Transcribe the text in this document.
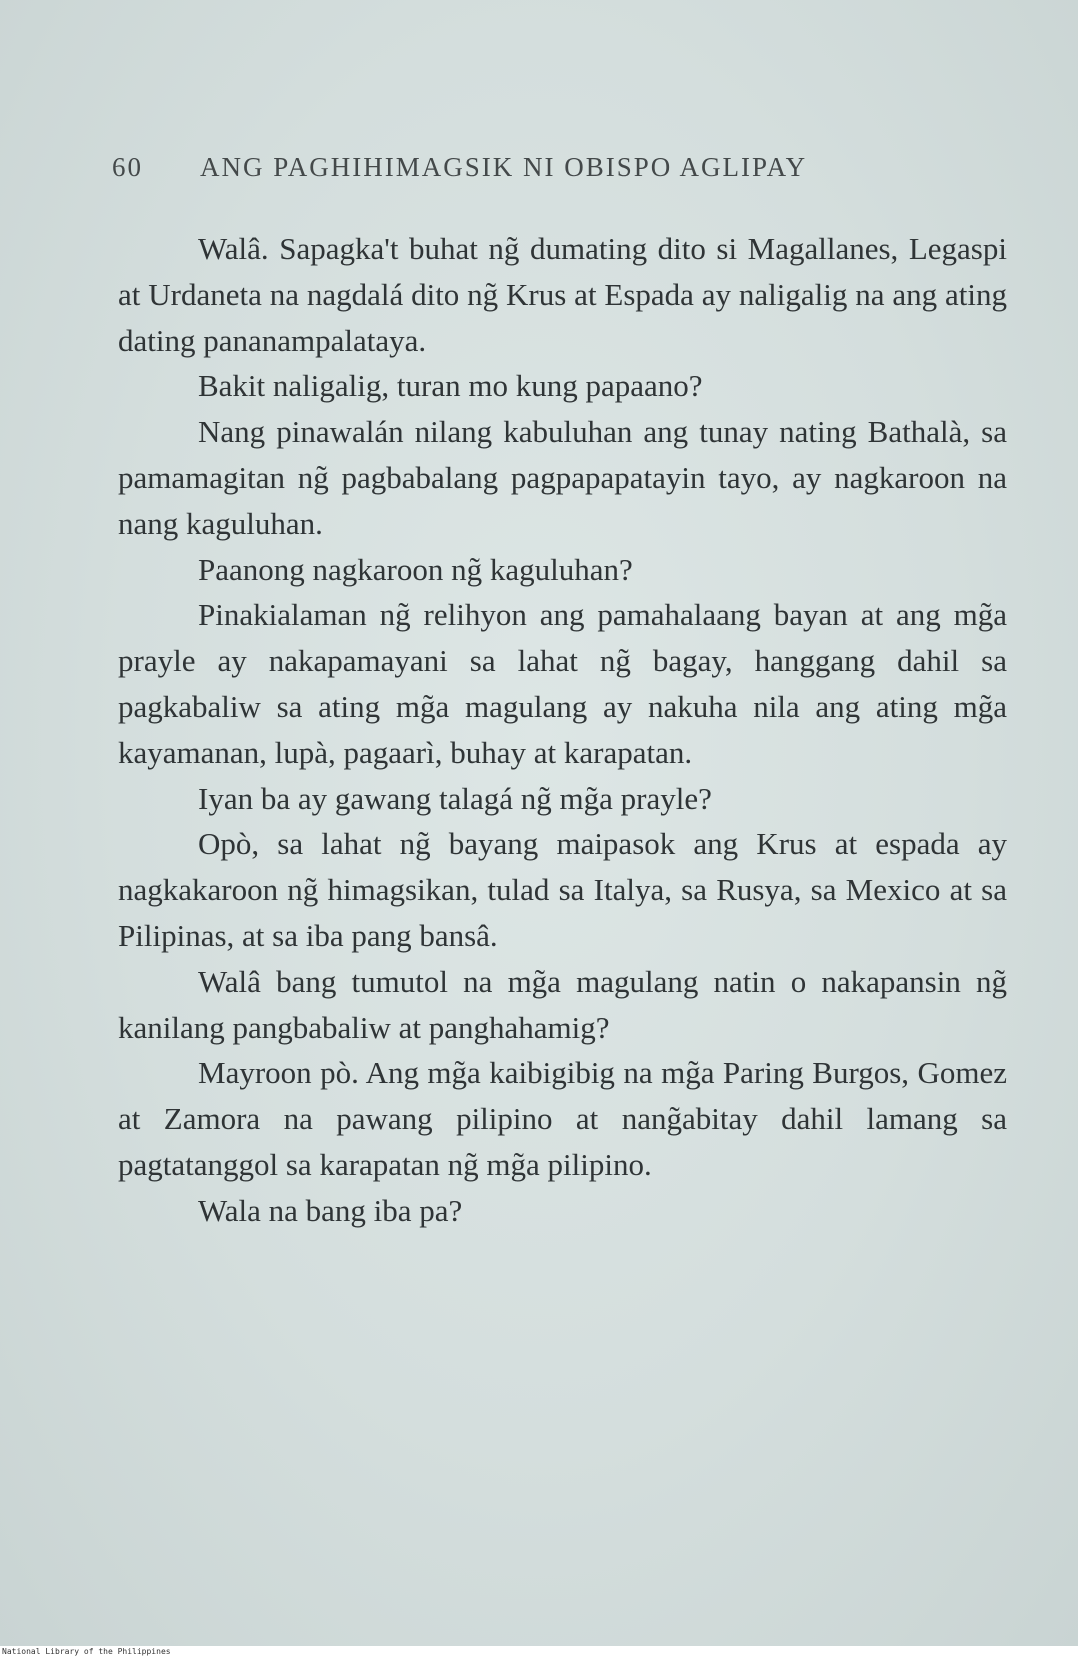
60 ANG PAGHIHIMAGSIK NI OBISPO AGLIPAY

Walâ. Sapagka't buhat ng̃ dumating dito si Magallanes, Legaspi at Urdaneta na nagdalá dito ng̃ Krus at Espada ay naligalig na ang ating dating pananampalataya.

Bakit naligalig, turan mo kung papaano?

Nang pinawalán nilang kabuluhan ang tunay nating Bathalà, sa pamamagitan ng̃ pagbabalang pagpapapatayin tayo, ay nagkaroon na nang kaguluhan.

Paanong nagkaroon ng̃ kaguluhan?

Pinakialaman ng̃ relihyon ang pamahalaang bayan at ang mg̃a prayle ay nakapamayani sa lahat ng̃ bagay, hanggang dahil sa pagkabaliw sa ating mg̃a magulang ay nakuha nila ang ating mg̃a kayamanan, lupà, pagaarì, buhay at karapatan.

Iyan ba ay gawang talagá ng̃ mg̃a prayle?

Opò, sa lahat ng̃ bayang maipasok ang Krus at espada ay nagkakaroon ng̃ himagsikan, tulad sa Italya, sa Rusya, sa Mexico at sa Pilipinas, at sa iba pang bansâ.

Walâ bang tumutol na mg̃a magulang natin o nakapansin ng̃ kanilang pangbabaliw at panghahamig?

Mayroon pò. Ang mg̃a kaibigibig na mg̃a Paring Burgos, Gomez at Zamora na pawang pilipino at nang̃abitay dahil lamang sa pagtatanggol sa karapatan ng̃ mg̃a pilipino.

Wala na bang iba pa?

National Library of the Philippines
